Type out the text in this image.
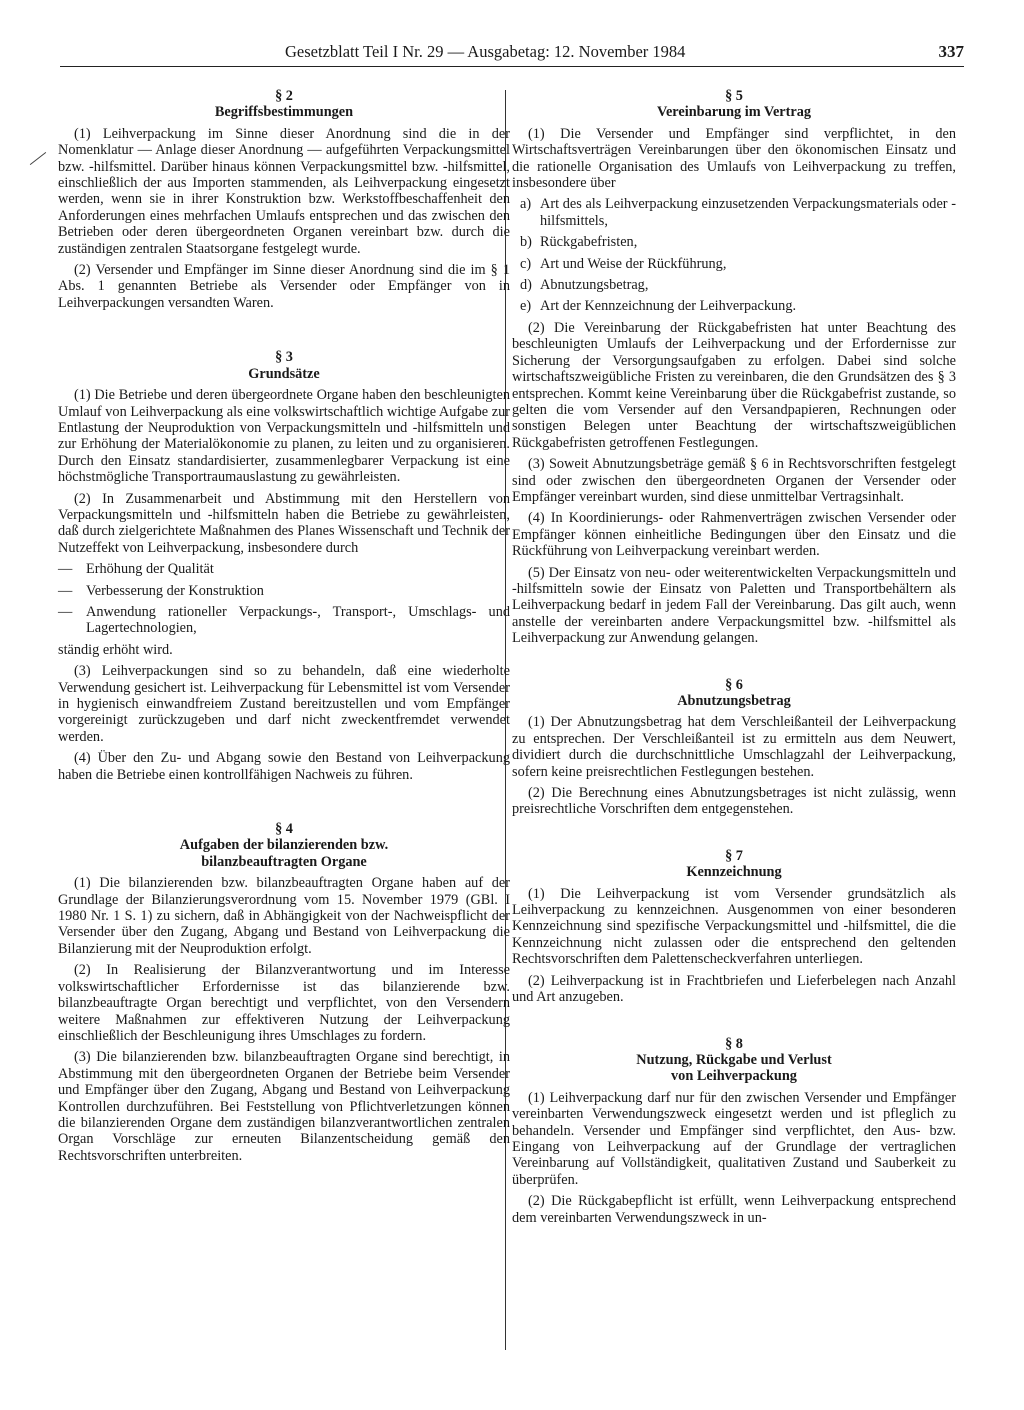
Gesetzblatt Teil I Nr. 29 — Ausgabetag: 12. November 1984	337
§ 2
Begriffsbestimmungen

(1) Leihverpackung im Sinne dieser Anordnung sind die in der Nomenklatur — Anlage dieser Anordnung — aufgeführten Verpackungsmittel bzw. -hilfsmittel. Darüber hinaus können Verpackungsmittel bzw. -hilfsmittel, einschließlich der aus Importen stammenden, als Leihverpackung eingesetzt werden, wenn sie in ihrer Konstruktion bzw. Werkstoffbeschaffenheit den Anforderungen eines mehrfachen Umlaufs entsprechen und das zwischen den Betrieben oder deren übergeordneten Organen vereinbart bzw. durch die zuständigen zentralen Staatsorgane festgelegt wurde.

(2) Versender und Empfänger im Sinne dieser Anordnung sind die im § 1 Abs. 1 genannten Betriebe als Versender oder Empfänger von in Leihverpackungen versandten Waren.

§ 3
Grundsätze

(1) Die Betriebe und deren übergeordnete Organe haben den beschleunigten Umlauf von Leihverpackung als eine volkswirtschaftlich wichtige Aufgabe zur Entlastung der Neuproduktion von Verpackungsmitteln und -hilfsmitteln und zur Erhöhung der Materialökonomie zu planen, zu leiten und zu organisieren. Durch den Einsatz standardisierter, zusammenlegbarer Verpackung ist eine höchstmögliche Transportraumauslastung zu gewährleisten.

(2) In Zusammenarbeit und Abstimmung mit den Herstellern von Verpackungsmitteln und -hilfsmitteln haben die Betriebe zu gewährleisten, daß durch zielgerichtete Maßnahmen des Planes Wissenschaft und Technik der Nutzeffekt von Leihverpackung, insbesondere durch

— Erhöhung der Qualität
— Verbesserung der Konstruktion
— Anwendung rationeller Verpackungs-, Transport-, Umschlags- und Lagertechnologien,
ständig erhöht wird.

(3) Leihverpackungen sind so zu behandeln, daß eine wiederholte Verwendung gesichert ist. Leihverpackung für Lebensmittel ist vom Versender in hygienisch einwandfreiem Zustand bereitzustellen und vom Empfänger vorgereinigt zurückzugeben und darf nicht zweckentfremdet verwendet werden.

(4) Über den Zu- und Abgang sowie den Bestand von Leihverpackung haben die Betriebe einen kontrollfähigen Nachweis zu führen.

§ 4
Aufgaben der bilanzierenden bzw.
bilanzbeauftragten Organe

(1) Die bilanzierenden bzw. bilanzbeauftragten Organe haben auf der Grundlage der Bilanzierungsverordnung vom 15. November 1979 (GBl. I 1980 Nr. 1 S. 1) zu sichern, daß in Abhängigkeit von der Nachweispflicht der Versender über den Zugang, Abgang und Bestand von Leihverpackung die Bilanzierung mit der Neuproduktion erfolgt.

(2) In Realisierung der Bilanzverantwortung und im Interesse volkswirtschaftlicher Erfordernisse ist das bilanzierende bzw. bilanzbeauftragte Organ berechtigt und verpflichtet, von den Versendern weitere Maßnahmen zur effektiveren Nutzung der Leihverpackung einschließlich der Beschleunigung ihres Umschlages zu fordern.

(3) Die bilanzierenden bzw. bilanzbeauftragten Organe sind berechtigt, in Abstimmung mit den übergeordneten Organen der Betriebe beim Versender und Empfänger über den Zugang, Abgang und Bestand von Leihverpackung Kontrollen durchzuführen. Bei Feststellung von Pflichtverletzungen können die bilanzierenden Organe dem zuständigen bilanzverantwortlichen zentralen Organ Vorschläge zur erneuten Bilanzentscheidung gemäß den Rechtsvorschriften unterbreiten.

§ 5
Vereinbarung im Vertrag

(1) Die Versender und Empfänger sind verpflichtet, in den Wirtschaftsverträgen Vereinbarungen über den ökonomischen Einsatz und die rationelle Organisation des Umlaufs von Leihverpackung zu treffen, insbesondere über

a) Art des als Leihverpackung einzusetzenden Verpackungsmaterials oder -hilfsmittels,
b) Rückgabefristen,
c) Art und Weise der Rückführung,
d) Abnutzungsbetrag,
e) Art der Kennzeichnung der Leihverpackung.

(2) Die Vereinbarung der Rückgabefristen hat unter Beachtung des beschleunigten Umlaufs der Leihverpackung und der Erfordernisse zur Sicherung der Versorgungsaufgaben zu erfolgen. Dabei sind solche wirtschaftszweigübliche Fristen zu vereinbaren, die den Grundsätzen des § 3 entsprechen. Kommt keine Vereinbarung über die Rückgabefrist zustande, so gelten die vom Versender auf den Versandpapieren, Rechnungen oder sonstigen Belegen unter Beachtung der wirtschaftszweigüblichen Rückgabefristen getroffenen Festlegungen.

(3) Soweit Abnutzungsbeträge gemäß § 6 in Rechtsvorschriften festgelegt sind oder zwischen den übergeordneten Organen der Versender oder Empfänger vereinbart wurden, sind diese unmittelbar Vertragsinhalt.

(4) In Koordinierungs- oder Rahmenverträgen zwischen Versender oder Empfänger können einheitliche Bedingungen über den Einsatz und die Rückführung von Leihverpackung vereinbart werden.

(5) Der Einsatz von neu- oder weiterentwickelten Verpackungsmitteln und -hilfsmitteln sowie der Einsatz von Paletten und Transportbehältern als Leihverpackung bedarf in jedem Fall der Vereinbarung. Das gilt auch, wenn anstelle der vereinbarten andere Verpackungsmittel bzw. -hilfsmittel als Leihverpackung zur Anwendung gelangen.

§ 6
Abnutzungsbetrag

(1) Der Abnutzungsbetrag hat dem Verschleißanteil der Leihverpackung zu entsprechen. Der Verschleißanteil ist zu ermitteln aus dem Neuwert, dividiert durch die durchschnittliche Umschlagzahl der Leihverpackung, sofern keine preisrechtlichen Festlegungen bestehen.

(2) Die Berechnung eines Abnutzungsbetrages ist nicht zulässig, wenn preisrechtliche Vorschriften dem entgegenstehen.

§ 7
Kennzeichnung

(1) Die Leihverpackung ist vom Versender grundsätzlich als Leihverpackung zu kennzeichnen. Ausgenommen von einer besonderen Kennzeichnung sind spezifische Verpackungsmittel und -hilfsmittel, die die Kennzeichnung nicht zulassen oder die entsprechend den geltenden Rechtsvorschriften dem Palettenscheckverfahren unterliegen.

(2) Leihverpackung ist in Frachtbriefen und Lieferbelegen nach Anzahl und Art anzugeben.

§ 8
Nutzung, Rückgabe und Verlust
von Leihverpackung

(1) Leihverpackung darf nur für den zwischen Versender und Empfänger vereinbarten Verwendungszweck eingesetzt werden und ist pfleglich zu behandeln. Versender und Empfänger sind verpflichtet, den Aus- bzw. Eingang von Leihverpackung auf der Grundlage der vertraglichen Vereinbarung auf Vollständigkeit, qualitativen Zustand und Sauberkeit zu überprüfen.

(2) Die Rückgabepflicht ist erfüllt, wenn Leihverpackung entsprechend dem vereinbarten Verwendungszweck in un-
